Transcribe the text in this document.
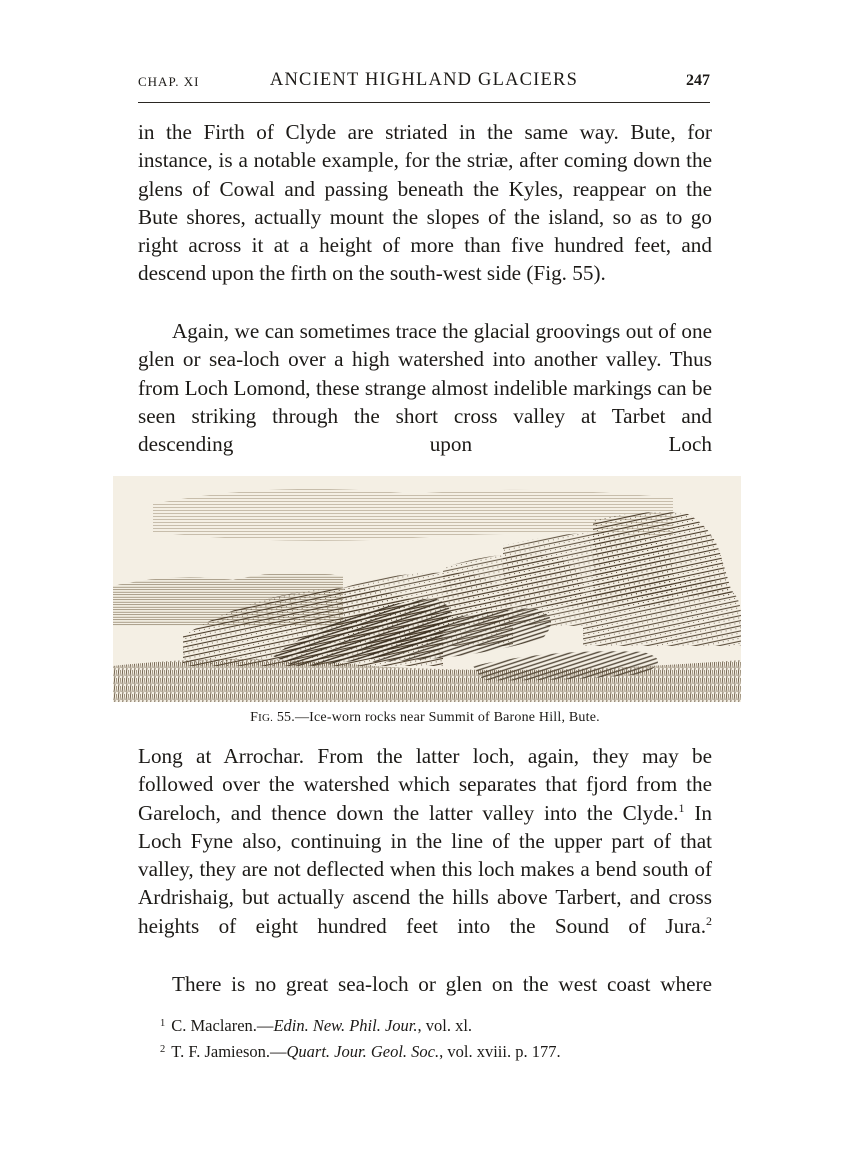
CHAP. XI	ANCIENT HIGHLAND GLACIERS	247

in the Firth of Clyde are striated in the same way. Bute, for instance, is a notable example, for the striæ, after coming down the glens of Cowal and passing beneath the Kyles, reappear on the Bute shores, actually mount the slopes of the island, so as to go right across it at a height of more than five hundred feet, and descend upon the firth on the south-west side (Fig. 55).

Again, we can sometimes trace the glacial groovings out of one glen or sea-loch over a high watershed into another valley. Thus from Loch Lomond, these strange almost indelible markings can be seen striking through the short cross valley at Tarbet and descending upon Loch

FIG. 55.—Ice-worn rocks near Summit of Barone Hill, Bute.

Long at Arrochar. From the latter loch, again, they may be followed over the watershed which separates that fjord from the Gareloch, and thence down the latter valley into the Clyde.$^1$ In Loch Fyne also, continuing in the line of the upper part of that valley, they are not deflected when this loch makes a bend south of Ardrishaig, but actually ascend the hills above Tarbert, and cross heights of eight hundred feet into the Sound of Jura.$^2$

There is no great sea-loch or glen on the west coast where

$^1$ C. Maclaren.—Edin. New. Phil. Jour., vol. xl.
$^2$ T. F. Jamieson.—Quart. Jour. Geol. Soc., vol. xviii. p. 177.
